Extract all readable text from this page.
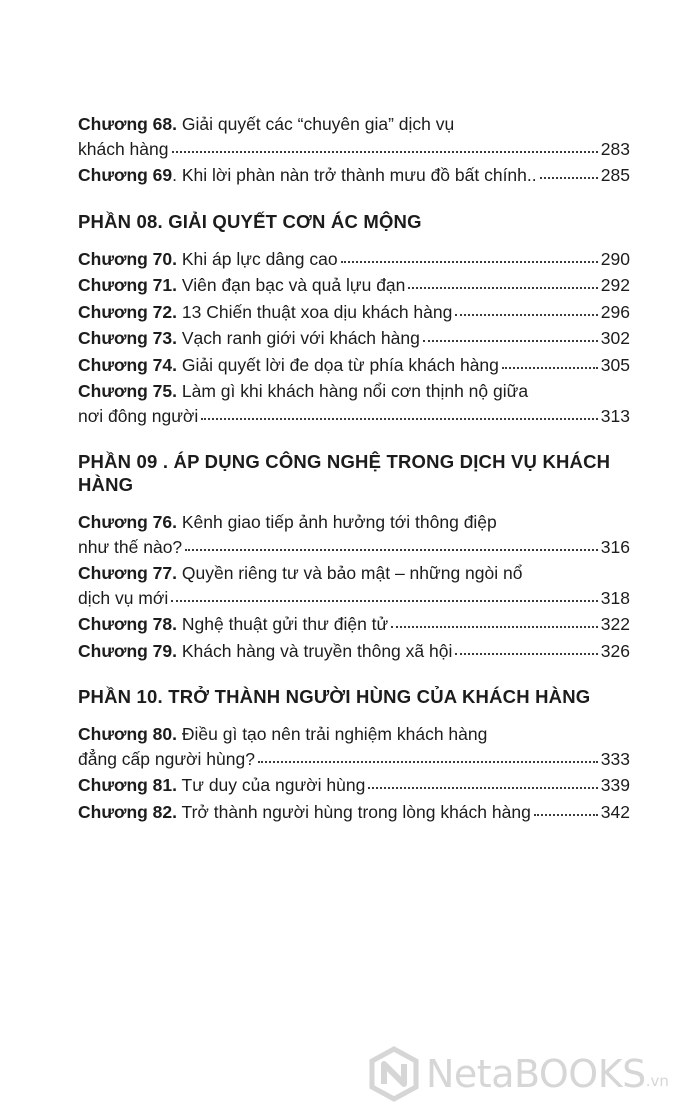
Chương 68. Giải quyết các “chuyên gia” dịch vụ
khách hàng	283
Chương 69. Khi lời phàn nàn trở thành mưu đồ bất chính..	285
PHẦN 08. GIẢI QUYẾT CƠN ÁC MỘNG
Chương 70. Khi áp lực dâng cao	290
Chương 71. Viên đạn bạc và quả lựu đạn	292
Chương 72. 13 Chiến thuật xoa dịu khách hàng	296
Chương 73. Vạch ranh giới với khách hàng	302
Chương 74. Giải quyết lời đe dọa từ phía khách hàng	305
Chương 75. Làm gì khi khách hàng nổi cơn thịnh nộ giữa
nơi đông người	313
PHẦN 09 . ÁP DỤNG CÔNG NGHỆ TRONG DỊCH VỤ KHÁCH HÀNG
Chương 76. Kênh giao tiếp ảnh hưởng tới thông điệp
như thế nào?	316
Chương 77. Quyền riêng tư và bảo mật – những ngòi nổ
dịch vụ mới	318
Chương 78. Nghệ thuật gửi thư điện tử	322
Chương 79. Khách hàng và truyền thông xã hội	326
PHẦN 10. TRỞ THÀNH NGƯỜI HÙNG CỦA KHÁCH HÀNG
Chương 80. Điều gì tạo nên trải nghiệm khách hàng
đẳng cấp người hùng?	333
Chương 81. Tư duy của người hùng	339
Chương 82. Trở thành người hùng trong lòng khách hàng	342
NetaBOOKS .vn
